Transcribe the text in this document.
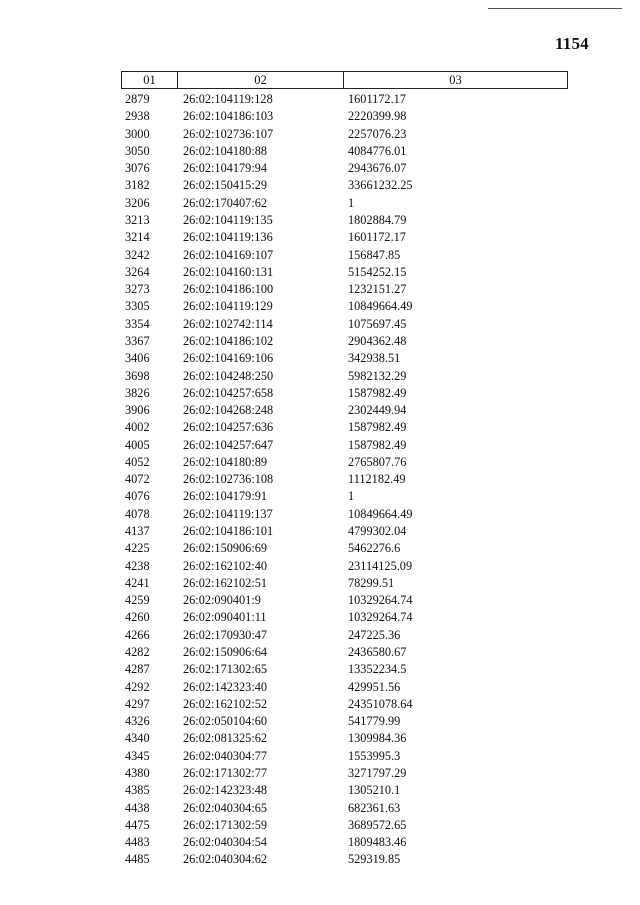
1154
01	02	03
2879	26:02:104119:128	1601172.17
2938	26:02:104186:103	2220399.98
3000	26:02:102736:107	2257076.23
3050	26:02:104180:88	4084776.01
3076	26:02:104179:94	2943676.07
3182	26:02:150415:29	33661232.25
3206	26:02:170407:62	1
3213	26:02:104119:135	1802884.79
3214	26:02:104119:136	1601172.17
3242	26:02:104169:107	156847.85
3264	26:02:104160:131	5154252.15
3273	26:02:104186:100	1232151.27
3305	26:02:104119:129	10849664.49
3354	26:02:102742:114	1075697.45
3367	26:02:104186:102	2904362.48
3406	26:02:104169:106	342938.51
3698	26:02:104248:250	5982132.29
3826	26:02:104257:658	1587982.49
3906	26:02:104268:248	2302449.94
4002	26:02:104257:636	1587982.49
4005	26:02:104257:647	1587982.49
4052	26:02:104180:89	2765807.76
4072	26:02:102736:108	1112182.49
4076	26:02:104179:91	1
4078	26:02:104119:137	10849664.49
4137	26:02:104186:101	4799302.04
4225	26:02:150906:69	5462276.6
4238	26:02:162102:40	23114125.09
4241	26:02:162102:51	78299.51
4259	26:02:090401:9	10329264.74
4260	26:02:090401:11	10329264.74
4266	26:02:170930:47	247225.36
4282	26:02:150906:64	2436580.67
4287	26:02:171302:65	13352234.5
4292	26:02:142323:40	429951.56
4297	26:02:162102:52	24351078.64
4326	26:02:050104:60	541779.99
4340	26:02:081325:62	1309984.36
4345	26:02:040304:77	1553995.3
4380	26:02:171302:77	3271797.29
4385	26:02:142323:48	1305210.1
4438	26:02:040304:65	682361.63
4475	26:02:171302:59	3689572.65
4483	26:02:040304:54	1809483.46
4485	26:02:040304:62	529319.85
